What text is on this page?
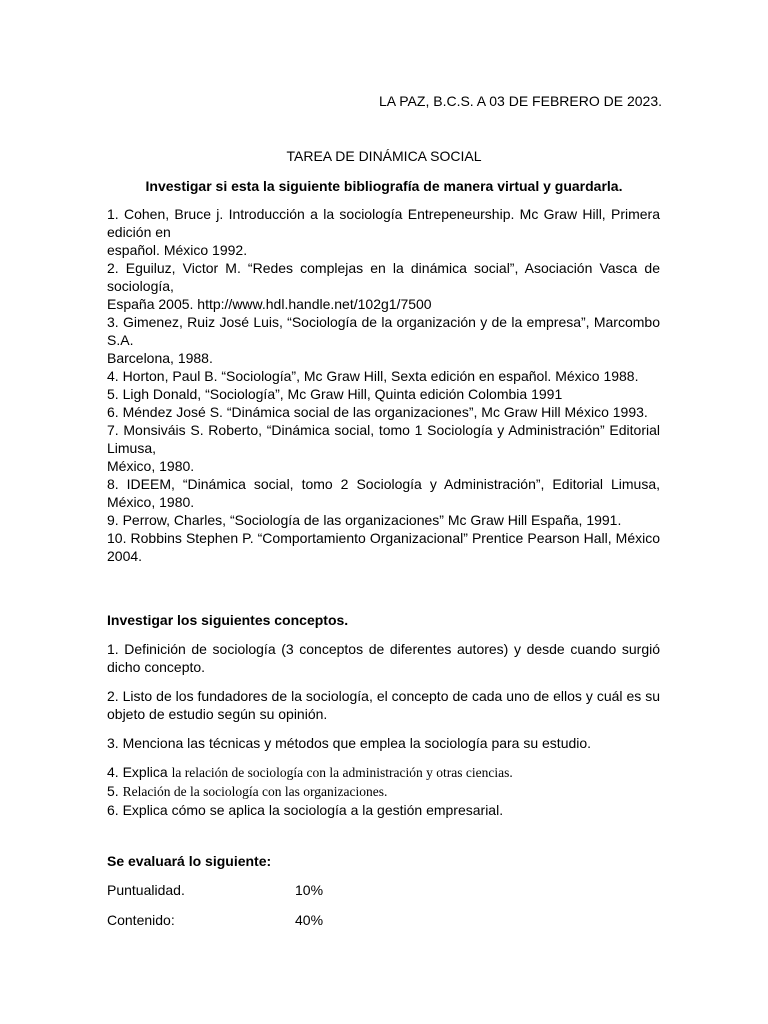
LA PAZ, B.C.S. A 03 DE FEBRERO DE 2023.
TAREA DE DINÁMICA SOCIAL
Investigar si esta la siguiente bibliografía de manera virtual y guardarla.

1. Cohen, Bruce j. Introducción a la sociología Entrepeneurship. Mc Graw Hill, Primera edición en
español. México 1992.

2. Eguiluz, Victor M. “Redes complejas en la dinámica social”, Asociación Vasca de sociología,
España 2005. http://www.hdl.handle.net/102g1/7500

3. Gimenez, Ruiz José Luis, “Sociología de la organización y de la empresa”, Marcombo S.A.
Barcelona, 1988.

4. Horton, Paul B. “Sociología”, Mc Graw Hill, Sexta edición en español. México 1988.

5. Ligh Donald, “Sociología”, Mc Graw Hill, Quinta edición Colombia 1991

6. Méndez José S. “Dinámica social de las organizaciones”, Mc Graw Hill México 1993.

7. Monsiváis S. Roberto, “Dinámica social, tomo 1 Sociología y Administración” Editorial Limusa,
México, 1980.

8. IDEEM, “Dinámica social, tomo 2 Sociología y Administración”, Editorial Limusa, México, 1980.

9. Perrow, Charles, “Sociología de las organizaciones” Mc Graw Hill España, 1991.

10. Robbins Stephen P. “Comportamiento Organizacional” Prentice Pearson Hall, México 2004.

Investigar los siguientes conceptos.

1. Definición de sociología (3 conceptos de diferentes autores) y desde cuando surgió dicho concepto.

2. Listo de los fundadores de la sociología, el concepto de cada uno de ellos y cuál es su objeto de estudio según su opinión.

3. Menciona las técnicas y métodos que emplea la sociología para su estudio.

4. Explica la relación de sociología con la administración y otras ciencias.

5. Relación de la sociología con las organizaciones.

6. Explica cómo se aplica la sociología a la gestión empresarial.

Se evaluará lo siguiente:
Puntualidad.	10%
Contenido:	40%
